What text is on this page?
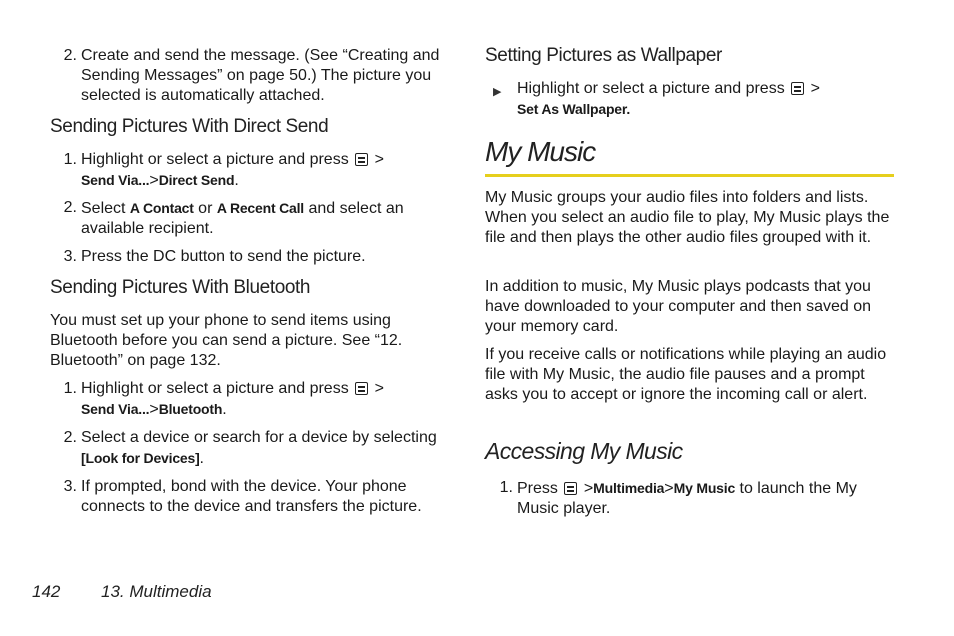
2. Create and send the message. (See “Creating and Sending Messages” on page 50.) The picture you selected is automatically attached.
Sending Pictures With Direct Send
1. Highlight or select a picture and press >
Send Via...>Direct Send.
2. Select A Contact or A Recent Call and select an available recipient.
3. Press the DC button to send the picture.
Sending Pictures With Bluetooth

You must set up your phone to send items using Bluetooth before you can send a picture. See “12. Bluetooth” on page 132.

1. Highlight or select a picture and press >
Send Via...>Bluetooth.
2. Select a device or search for a device by selecting
[Look for Devices].
3. If prompted, bond with the device. Your phone connects to the device and transfers the picture.
Setting Pictures as Wallpaper
▶ Highlight or select a picture and press >
Set As Wallpaper.
My Music

My Music groups your audio files into folders and lists. When you select an audio file to play, My Music plays the file and then plays the other audio files grouped with it.

In addition to music, My Music plays podcasts that you have downloaded to your computer and then saved on your memory card.

If you receive calls or notifications while playing an audio file with My Music, the audio file pauses and a prompt asks you to accept or ignore the incoming call or alert.

Accessing My Music
1. Press >Multimedia>My Music to launch the My Music player.
142 13. Multimedia
